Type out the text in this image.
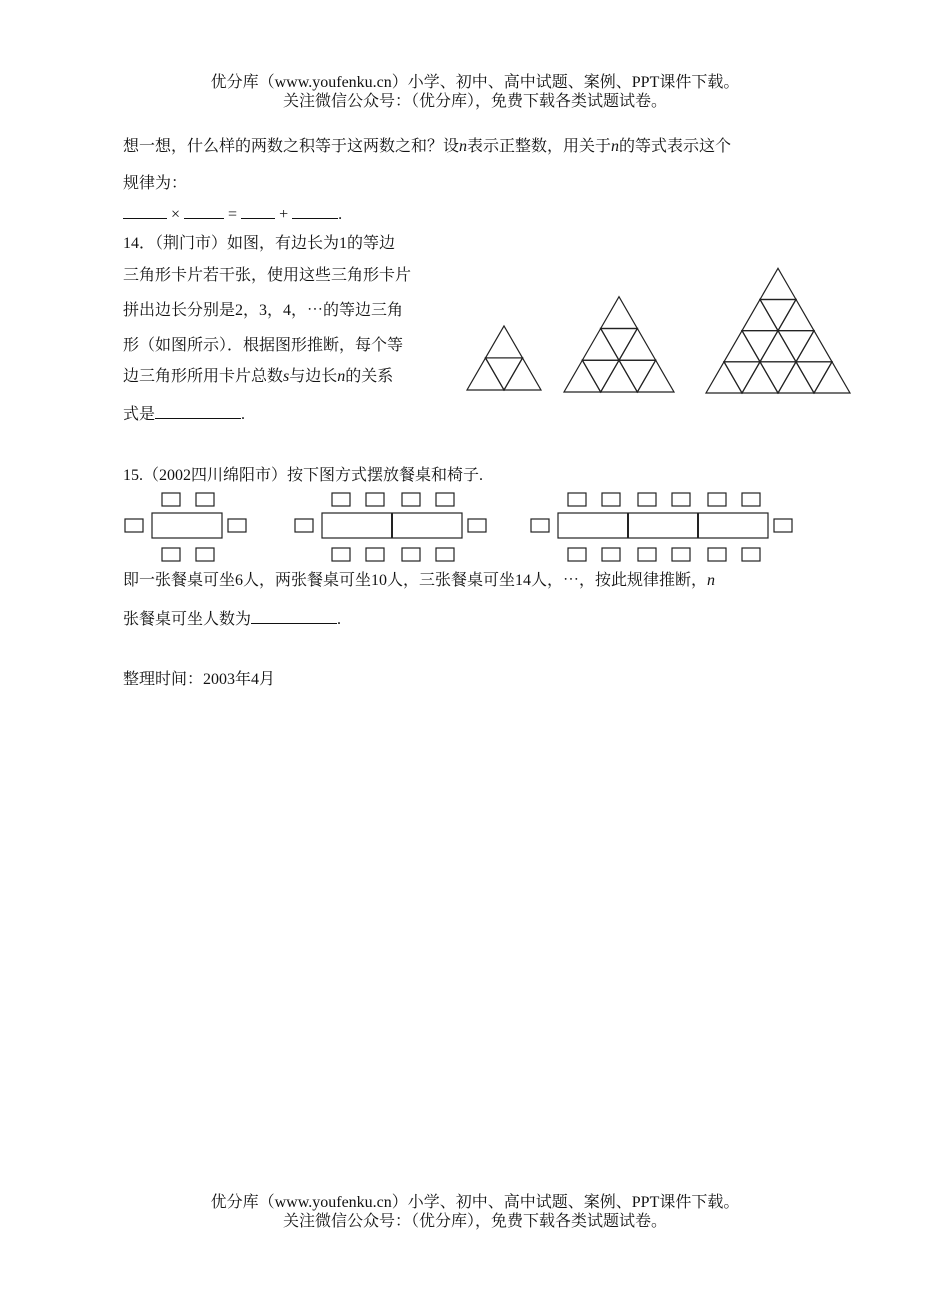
优分库（www.youfenku.cn）小学、初中、高中试题、案例、PPT课件下载。
关注微信公众号：（优分库），免费下载各类试题试卷。
想一想，什么样的两数之积等于这两数之和？设n表示正整数，用关于n的等式表示这个
规律为：
×	=	+	.
14．（荆门市）如图，有边长为1的等边
三角形卡片若干张，使用这些三角形卡片
拼出边长分别是2，3，4，⋯的等边三角
形（如图所示）．根据图形推断，每个等
边三角形所用卡片总数s与边长n的关系
式是	.
15.（2002四川绵阳市）按下图方式摆放餐桌和椅子.
即一张餐桌可坐6人，两张餐桌可坐10人，三张餐桌可坐14人，⋯，按此规律推断，n
张餐桌可坐人数为	.
整理时间：2003年4月
优分库（www.youfenku.cn）小学、初中、高中试题、案例、PPT课件下载。
关注微信公众号：（优分库），免费下载各类试题试卷。
